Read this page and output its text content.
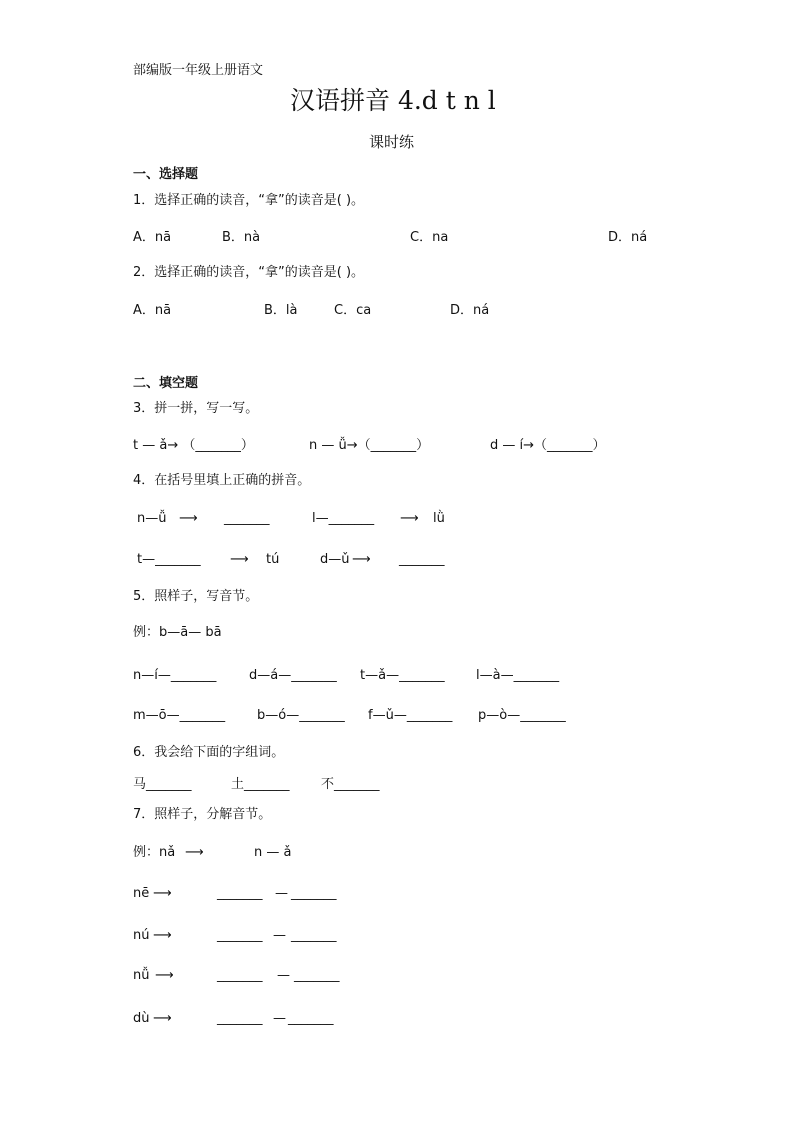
部编版一年级上册语文
汉语拼音 4.d t n l
课时练
一、选择题
1．选择正确的读音，“拿”的读音是( )。
A．nā	B．nà	C．na	D．ná
2．选择正确的读音，“拿”的读音是( )。
A．nā	B．là	C．ca	D．ná
二、填空题
3．拼一拼，写一写。
t — ǎ→ （_______）	n — ǚ→（_______）	d — í→（_______）
4．在括号里填上正确的拼音。
n—ǚ ⟶ _______	l—_______ ⟶ lǜ
t—_______ ⟶ tú	d—ǔ ⟶ _______
5．照样子，写音节。
例：b—ā— bā
n—í—_______	d—á—_______ t—ǎ—_______ l—à—_______
m—ō—_______ b—ó—_______ f—ǔ—_______ p—ò—_______
6．我会给下面的字组词。
马_______	土_______ 不_______
7．照样子，分解音节。
例：nǎ ⟶	n — ǎ
nē ⟶	_______ — _______
nú ⟶	_______ — _______
nǚ ⟶	_______ — _______
dù ⟶	_______ — _______
